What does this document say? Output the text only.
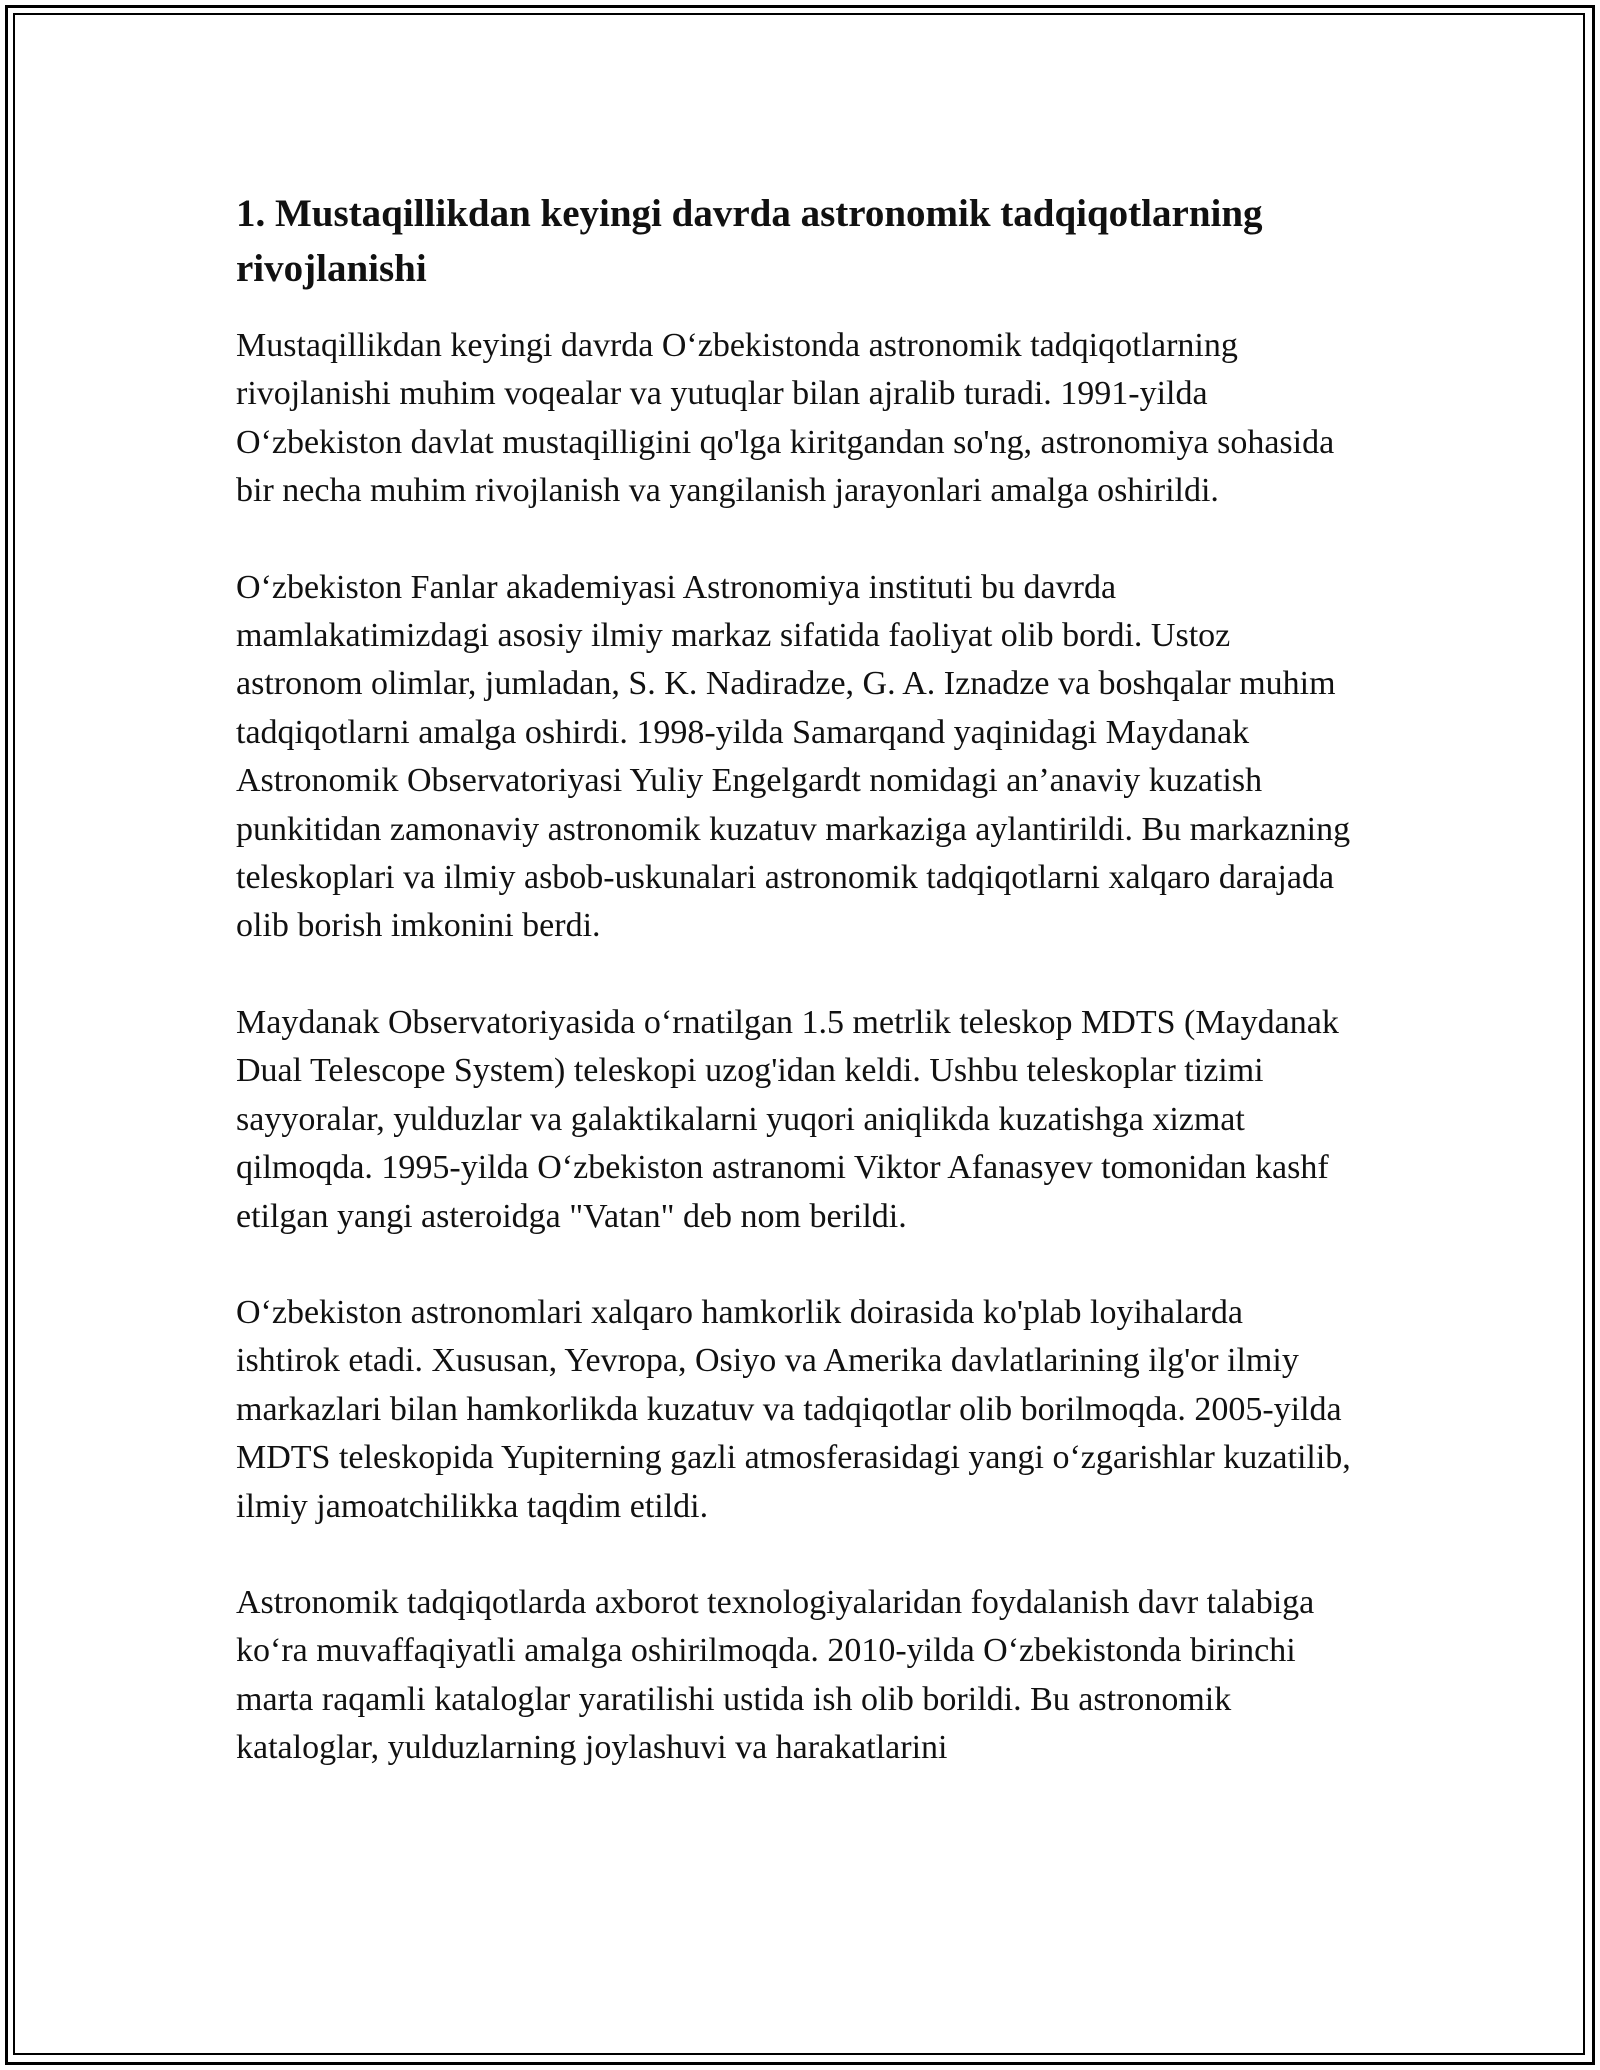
1. Mustaqillikdan keyingi davrda astronomik tadqiqotlarning rivojlanishi

Mustaqillikdan keyingi davrda O‘zbekistonda astronomik tadqiqotlarning rivojlanishi muhim voqealar va yutuqlar bilan ajralib turadi. 1991-yilda O‘zbekiston davlat mustaqilligini qo'lga kiritgandan so'ng, astronomiya sohasida bir necha muhim rivojlanish va yangilanish jarayonlari amalga oshirildi.

O‘zbekiston Fanlar akademiyasi Astronomiya instituti bu davrda mamlakatimizdagi asosiy ilmiy markaz sifatida faoliyat olib bordi. Ustoz astronom olimlar, jumladan, S. K. Nadiradze, G. A. Iznadze va boshqalar muhim tadqiqotlarni amalga oshirdi. 1998-yilda Samarqand yaqinidagi Maydanak Astronomik Observatoriyasi Yuliy Engelgardt nomidagi an’anaviy kuzatish punkitidan zamonaviy astronomik kuzatuv markaziga aylantirildi. Bu markazning teleskoplari va ilmiy asbob-uskunalari astronomik tadqiqotlarni xalqaro darajada olib borish imkonini berdi.

Maydanak Observatoriyasida o‘rnatilgan 1.5 metrlik teleskop MDTS (Maydanak Dual Telescope System) teleskopi uzog'idan keldi. Ushbu teleskoplar tizimi sayyoralar, yulduzlar va galaktikalarni yuqori aniqlikda kuzatishga xizmat qilmoqda. 1995-yilda O‘zbekiston astranomi Viktor Afanasyev tomonidan kashf etilgan yangi asteroidga "Vatan" deb nom berildi.

O‘zbekiston astronomlari xalqaro hamkorlik doirasida ko'plab loyihalarda ishtirok etadi. Xususan, Yevropa, Osiyo va Amerika davlatlarining ilg'or ilmiy markazlari bilan hamkorlikda kuzatuv va tadqiqotlar olib borilmoqda. 2005-yilda MDTS teleskopida Yupiterning gazli atmosferasidagi yangi o‘zgarishlar kuzatilib, ilmiy jamoatchilikka taqdim etildi.

Astronomik tadqiqotlarda axborot texnologiyalaridan foydalanish davr talabiga ko‘ra muvaffaqiyatli amalga oshirilmoqda. 2010-yilda O‘zbekistonda birinchi marta raqamli kataloglar yaratilishi ustida ish olib borildi. Bu astronomik kataloglar, yulduzlarning joylashuvi va harakatlarini
